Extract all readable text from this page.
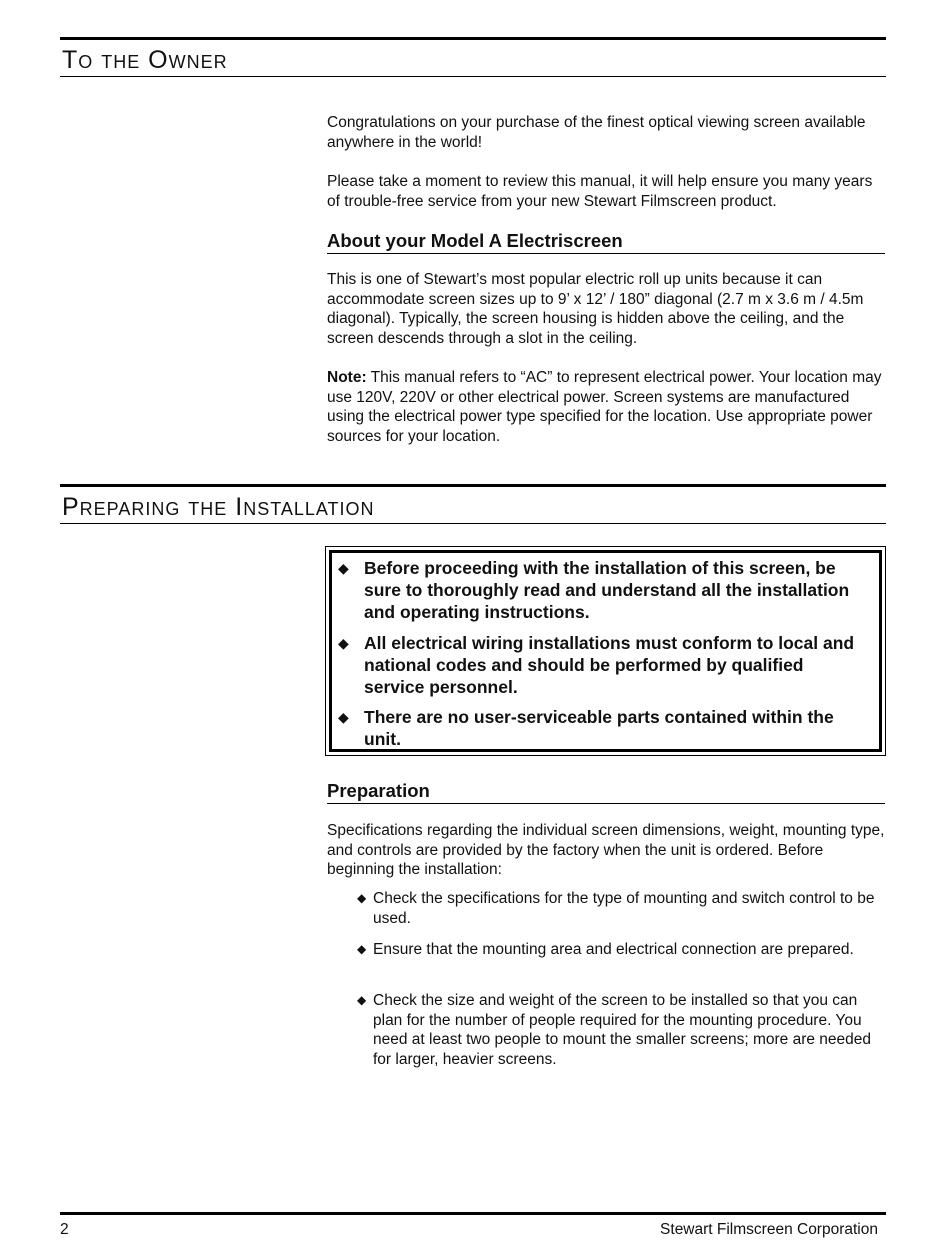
To the Owner

Congratulations on your purchase of the finest optical viewing screen available anywhere in the world!

Please take a moment to review this manual, it will help ensure you many years of trouble-free service from your new Stewart Filmscreen product.

About your Model A Electriscreen

This is one of Stewart’s most popular electric roll up units because it can accommodate screen sizes up to 9’ x 12’ / 180” diagonal (2.7 m x 3.6 m / 4.5m diagonal). Typically, the screen housing is hidden above the ceiling, and the screen descends through a slot in the ceiling.

Note: This manual refers to “AC” to represent electrical power. Your location may use 120V, 220V or other electrical power. Screen systems are manufactured using the electrical power type specified for the location. Use appropriate power sources for your location.

Preparing the Installation
◆ Before proceeding with the installation of this screen, be sure to thoroughly read and understand all the installation and operating instructions.
◆ All electrical wiring installations must conform to local and national codes and should be performed by qualified service personnel.
◆ There are no user-serviceable parts contained within the unit.
Preparation

Specifications regarding the individual screen dimensions, weight, mounting type, and controls are provided by the factory when the unit is ordered. Before beginning the installation:

◆ Check the specifications for the type of mounting and switch control to be used.
◆ Ensure that the mounting area and electrical connection are prepared.
◆ Check the size and weight of the screen to be installed so that you can plan for the number of people required for the mounting procedure. You need at least two people to mount the smaller screens; more are needed for larger, heavier screens.
2	Stewart Filmscreen Corporation
